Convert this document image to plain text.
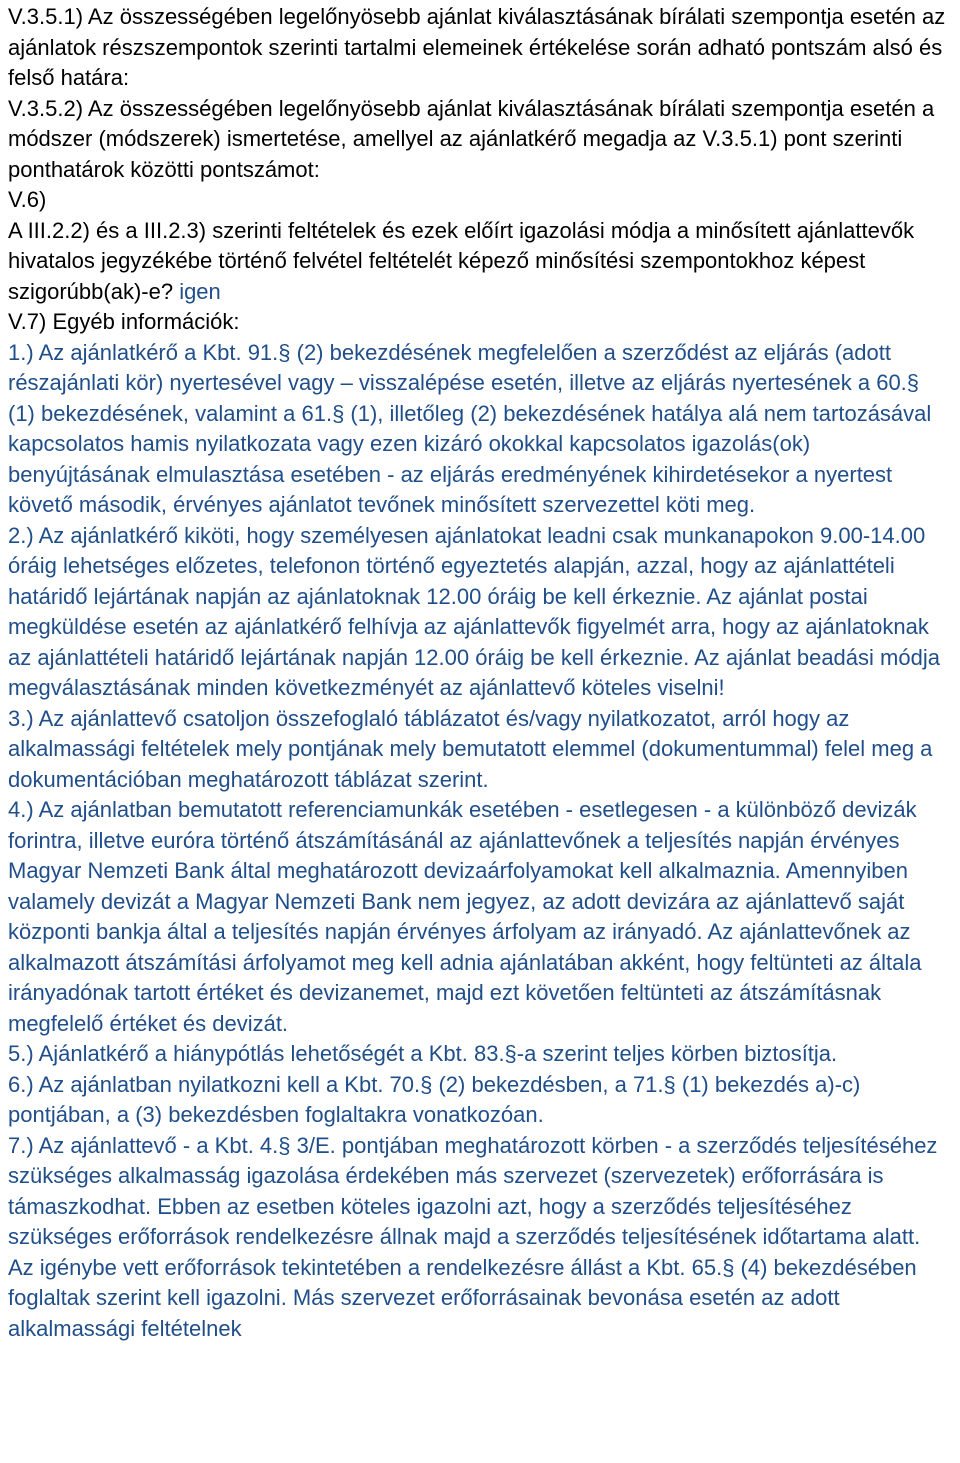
V.3.5.1) Az összességében legelőnyösebb ajánlat kiválasztásának bírálati szempontja esetén az ajánlatok részszempontok szerinti tartalmi elemeinek értékelése során adható pontszám alsó és felső határa:
V.3.5.2) Az összességében legelőnyösebb ajánlat kiválasztásának bírálati szempontja esetén a módszer (módszerek) ismertetése, amellyel az ajánlatkérő megadja az V.3.5.1) pont szerinti ponthatárok közötti pontszámot:
V.6)
A III.2.2) és a III.2.3) szerinti feltételek és ezek előírt igazolási módja a minősített ajánlattevők hivatalos jegyzékébe történő felvétel feltételét képező minősítési szempontokhoz képest szigorúbb(ak)-e? igen
V.7) Egyéb információk:
1.) Az ajánlatkérő a Kbt. 91.§ (2) bekezdésének megfelelően a szerződést az eljárás (adott részajánlati kör) nyertesével vagy – visszalépése esetén, illetve az eljárás nyertesének a 60.§ (1) bekezdésének, valamint a 61.§ (1), illetőleg (2) bekezdésének hatálya alá nem tartozásával kapcsolatos hamis nyilatkozata vagy ezen kizáró okokkal kapcsolatos igazolás(ok) benyújtásának elmulasztása esetében - az eljárás eredményének kihirdetésekor a nyertest követő második, érvényes ajánlatot tevőnek minősített szervezettel köti meg.
2.) Az ajánlatkérő kiköti, hogy személyesen ajánlatokat leadni csak munkanapokon 9.00-14.00 óráig lehetséges előzetes, telefonon történő egyeztetés alapján, azzal, hogy az ajánlattételi határidő lejártának napján az ajánlatoknak 12.00 óráig be kell érkeznie. Az ajánlat postai megküldése esetén az ajánlatkérő felhívja az ajánlattevők figyelmét arra, hogy az ajánlatoknak az ajánlattételi határidő lejártának napján 12.00 óráig be kell érkeznie. Az ajánlat beadási módja megválasztásának minden következményét az ajánlattevő köteles viselni!
3.) Az ajánlattevő csatoljon összefoglaló táblázatot és/vagy nyilatkozatot, arról hogy az alkalmassági feltételek mely pontjának mely bemutatott elemmel (dokumentummal) felel meg a dokumentációban meghatározott táblázat szerint.
4.) Az ajánlatban bemutatott referenciamunkák esetében - esetlegesen - a különböző devizák forintra, illetve euróra történő átszámításánál az ajánlattevőnek a teljesítés napján érvényes Magyar Nemzeti Bank által meghatározott devizaárfolyamokat kell alkalmaznia. Amennyiben valamely devizát a Magyar Nemzeti Bank nem jegyez, az adott devizára az ajánlattevő saját központi bankja által a teljesítés napján érvényes árfolyam az irányadó. Az ajánlattevőnek az alkalmazott átszámítási árfolyamot meg kell adnia ajánlatában akként, hogy feltünteti az általa irányadónak tartott értéket és devizanemet, majd ezt követően feltünteti az átszámításnak megfelelő értéket és devizát.
5.) Ajánlatkérő a hiánypótlás lehetőségét a Kbt. 83.§-a szerint teljes körben biztosítja.
6.) Az ajánlatban nyilatkozni kell a Kbt. 70.§ (2) bekezdésben, a 71.§ (1) bekezdés a)-c) pontjában, a (3) bekezdésben foglaltakra vonatkozóan.
7.) Az ajánlattevő - a Kbt. 4.§ 3/E. pontjában meghatározott körben - a szerződés teljesítéséhez szükséges alkalmasság igazolása érdekében más szervezet (szervezetek) erőforrására is támaszkodhat. Ebben az esetben köteles igazolni azt, hogy a szerződés teljesítéséhez szükséges erőforrások rendelkezésre állnak majd a szerződés teljesítésének időtartama alatt. Az igénybe vett erőforrások tekintetében a rendelkezésre állást a Kbt. 65.§ (4) bekezdésében foglaltak szerint kell igazolni. Más szervezet erőforrásainak bevonása esetén az adott alkalmassági feltételnek
